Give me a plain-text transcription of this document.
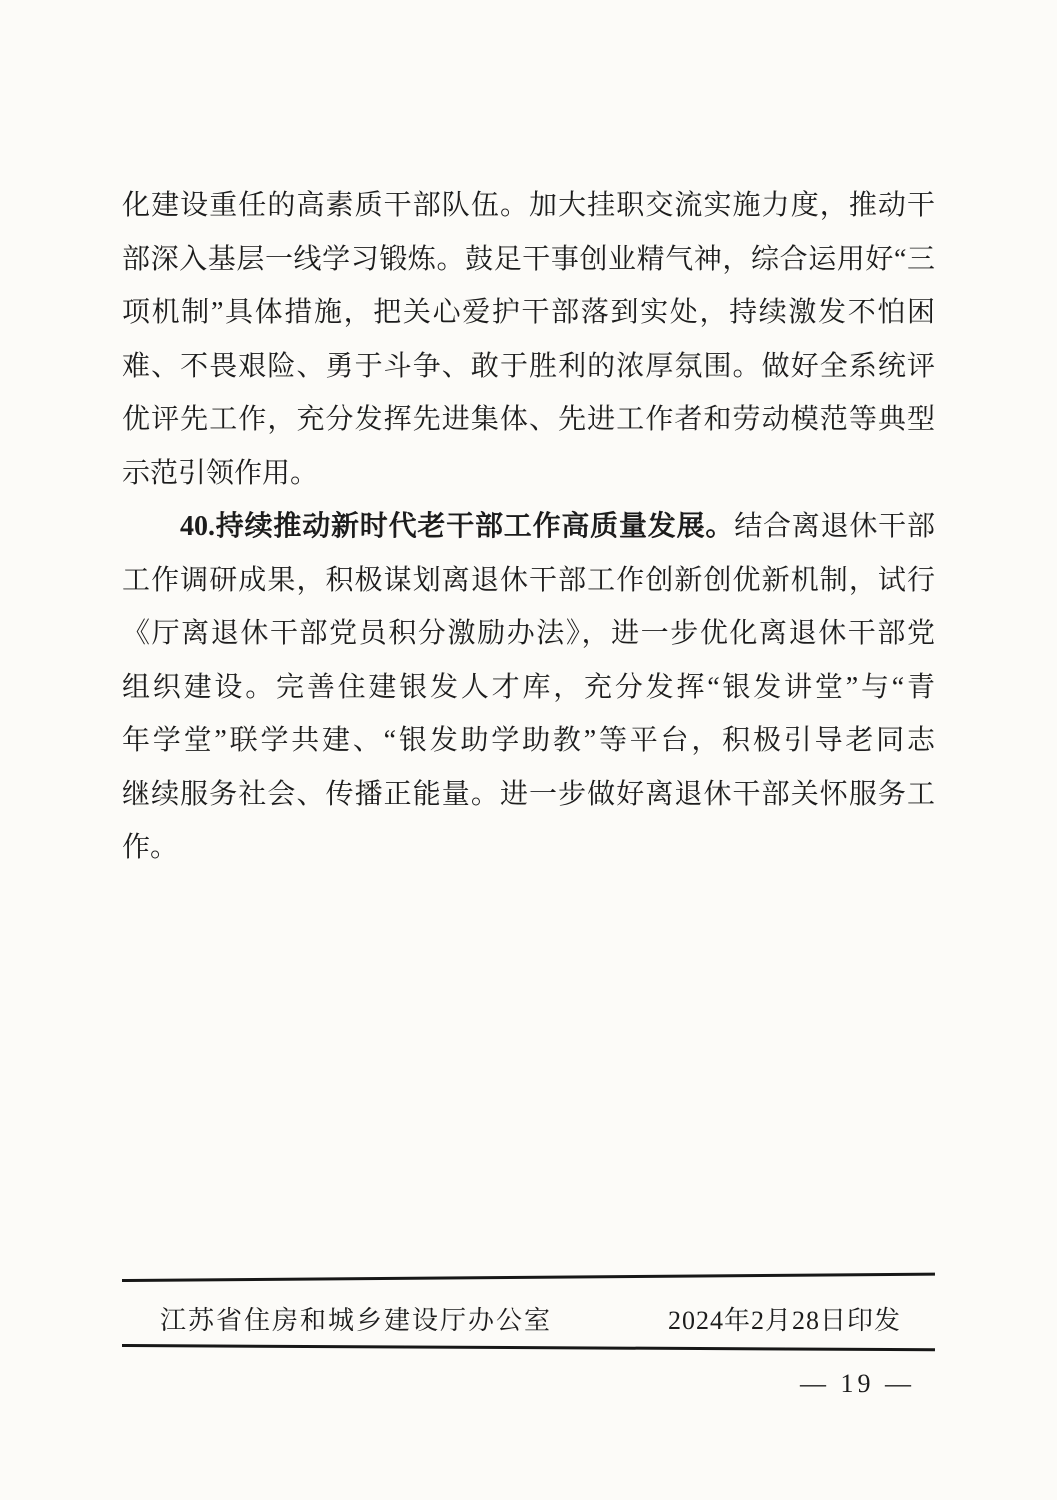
化建设重任的高素质干部队伍。加大挂职交流实施力度，推动干
部深入基层一线学习锻炼。鼓足干事创业精气神，综合运用好“三
项机制”具体措施，把关心爱护干部落到实处，持续激发不怕困
难、不畏艰险、勇于斗争、敢于胜利的浓厚氛围。做好全系统评
优评先工作，充分发挥先进集体、先进工作者和劳动模范等典型
示范引领作用。
40.持续推动新时代老干部工作高质量发展。结合离退休干部
工作调研成果，积极谋划离退休干部工作创新创优新机制，试行
《厅离退休干部党员积分激励办法》，进一步优化离退休干部党
组织建设。完善住建银发人才库，充分发挥“银发讲堂”与“青
年学堂”联学共建、“银发助学助教”等平台，积极引导老同志
继续服务社会、传播正能量。进一步做好离退休干部关怀服务工
作。
江苏省住房和城乡建设厅办公室	2024年2月28日印发
— 19 —
